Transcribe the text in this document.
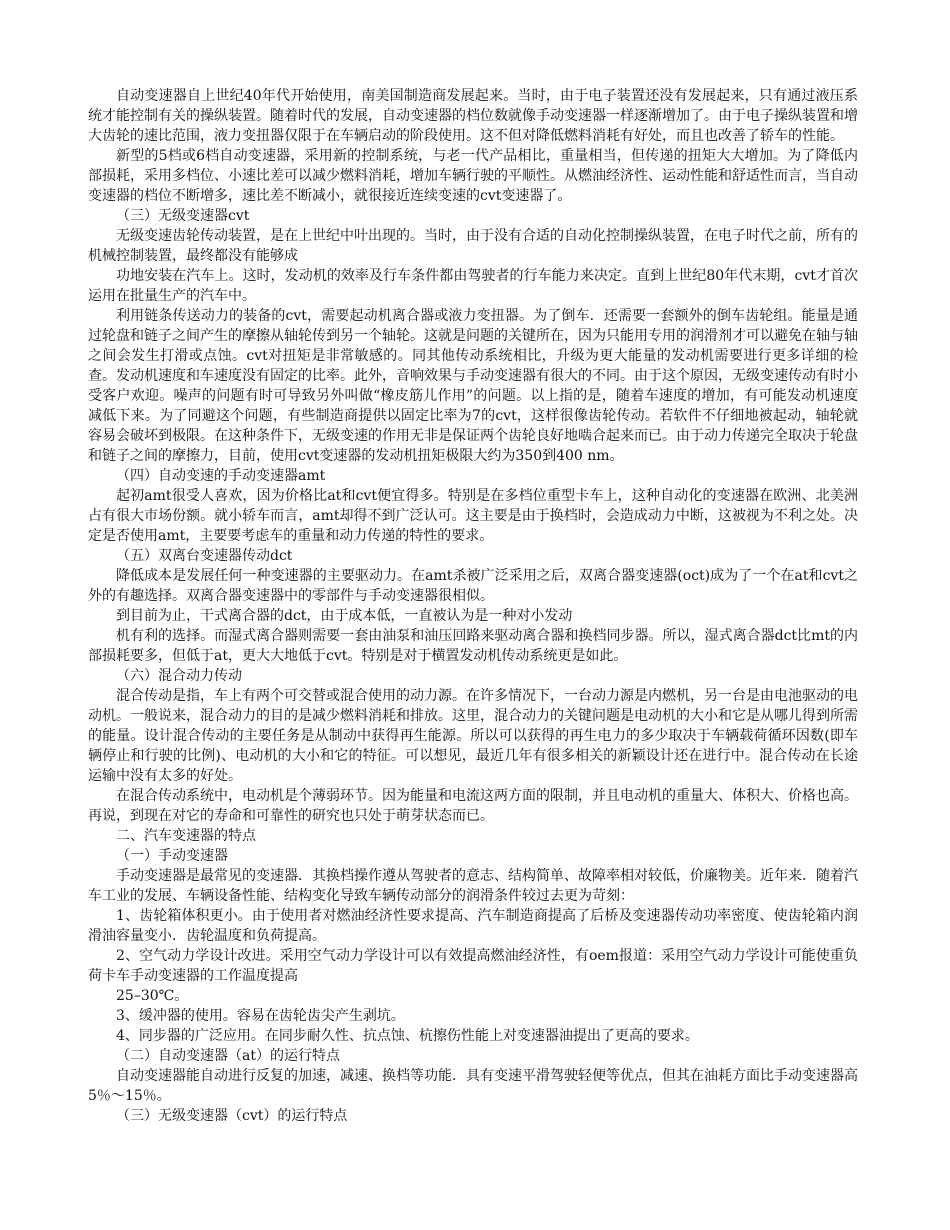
自动变速器自上世纪40年代开始使用，南美国制造商发展起来。当时，由于电子装置还没有发展起来，只有通过液压系统才能控制有关的操纵装置。随着时代的发展，自动变速器的档位数就像手动变速器一样逐渐增加了。由于电子操纵装置和增大齿轮的速比范围，液力变扭器仅限于在车辆启动的阶段使用。这不但对降低燃料消耗有好处，而且也改善了轿车的性能。

新型的5档或6档自动变速器，采用新的控制系统，与老一代产品相比，重量相当，但传递的扭矩大大增加。为了降低内部损耗，采用多档位、小速比差可以减少燃料消耗，增加车辆行驶的平顺性。从燃油经济性、运动性能和舒适性而言，当自动变速器的档位不断增多，速比差不断减小，就很接近连续变速的cvt变速器了。

（三）无级变速器cvt

无级变速齿轮传动装置，是在上世纪中叶出现的。当时，由于没有合适的自动化控制操纵装置，在电子时代之前，所有的机械控制装置，最终都没有能够成

功地安装在汽车上。这时，发动机的效率及行车条件都由驾驶者的行车能力来决定。直到上世纪80年代末期，cvt才首次运用在批量生产的汽车中。

利用链条传送动力的装备的cvt，需要起动机离合器或液力变扭器。为了倒车．还需要一套额外的倒车齿轮组。能量是通过轮盘和链子之间产生的摩擦从轴轮传到另一个轴轮。这就是问题的关键所在，因为只能用专用的润滑剂才可以避免在轴与轴之间会发生打滑或点蚀。cvt对扭矩是非常敏感的。同其他传动系统相比，升级为更大能量的发动机需要进行更多详细的检查。发动机速度和车速度没有固定的比率。此外，音响效果与手动变速器有很大的不同。由于这个原因，无级变速传动有时小受客户欢迎。噪声的问题有时可导致另外叫做“橡皮筋儿作用”的问题。以上指的是，随着车速度的增加，有可能发动机速度减低下来。为了同避这个问题，有些制造商提供以固定比率为7的cvt，这样很像齿轮传动。若软件不仔细地被起动，轴轮就容易会破坏到极限。在这种条件下，无级变速的作用无非是保证两个齿轮良好地啮合起来而已。由于动力传递完全取决于轮盘和链子之间的摩擦力，目前，使用cvt变速器的发动机扭矩极限大约为350到400 nm。

（四）自动变速的手动变速器amt

起初amt很受人喜欢，因为价格比at和cvt便宜得多。特别是在多档位重型卡车上，这种自动化的变速器在欧洲、北美洲占有很大市场份额。就小轿车而言，amt却得不到广泛认可。这主要是由于换档时，会造成动力中断，这被视为不利之处。决定是否使用amt，主要要考虑车的重量和动力传递的特性的要求。

（五）双离台变速器传动dct

降低成本是发展任何一种变速器的主要驱动力。在amt杀被广泛采用之后，双离合器变速器(oct)成为了一个在at和cvt之外的有趣选择。双离合器变速器中的零部件与手动变速器很相似。

到目前为止，干式离合器的dct，由于成本低，一直被认为是一种对小发动

机有利的选择。而湿式离合器则需要一套由油泵和油压回路来驱动离合器和换档同步器。所以，湿式离合器dct比mt的内部损耗要多，但低于at，更大大地低于cvt。特别是对于横置发动机传动系统更是如此。

（六）混合动力传动

混合传动是指，车上有两个可交替或混合使用的动力源。在许多情况下，一台动力源是内燃机，另一台是由电池驱动的电动机。一般说来，混合动力的目的是减少燃料消耗和排放。这里，混合动力的关键问题是电动机的大小和它是从哪儿得到所需的能量。设计混合传动的主要任务是从制动中获得再生能源。所以可以获得的再生电力的多少取决于车辆载荷循环因数(即车辆停止和行驶的比例)、电动机的大小和它的特征。可以想见，最近几年有很多相关的新颖设计还在进行中。混合传动在长途运输中没有太多的好处。

在混合传动系统中，电动机是个薄弱环节。因为能量和电流这两方面的限制，并且电动机的重量大、体积大、价格也高。再说，到现在对它的寿命和可靠性的研究也只处于萌芽状态而已。

二、汽车变速器的特点

（一）手动变速器

手动变速器是最常见的变速器．其换档操作遵从驾驶者的意志、结构简单、故障率相对较低，价廉物美。近年来．随着汽车工业的发展、车辆设备性能、结构变化导致车辆传动部分的润滑条件较过去更为苛刻：

1、齿轮箱体积更小。由于使用者对燃油经济性要求提高、汽车制造商提高了后桥及变速器传动功率密度、使齿轮箱内润滑油容量变小．齿轮温度和负荷提高。

2、空气动力学设计改进。采用空气动力学设计可以有效提高燃油经济性，有oem报道：采用空气动力学设计可能使重负荷卡车手动变速器的工作温度提高

25–30℃。

3、缓冲器的使用。容易在齿轮齿尖产生剥坑。

4、同步器的广泛应用。在同步耐久性、抗点蚀、杭擦伤性能上对变速器油提出了更高的要求。

（二）自动变速器（at）的运行特点

自动变速器能自动进行反复的加速，减速、换档等功能．具有变速平滑驾驶轻便等优点，但其在油耗方面比手动变速器高5％～15％。

（三）无级变速器（cvt）的运行特点
